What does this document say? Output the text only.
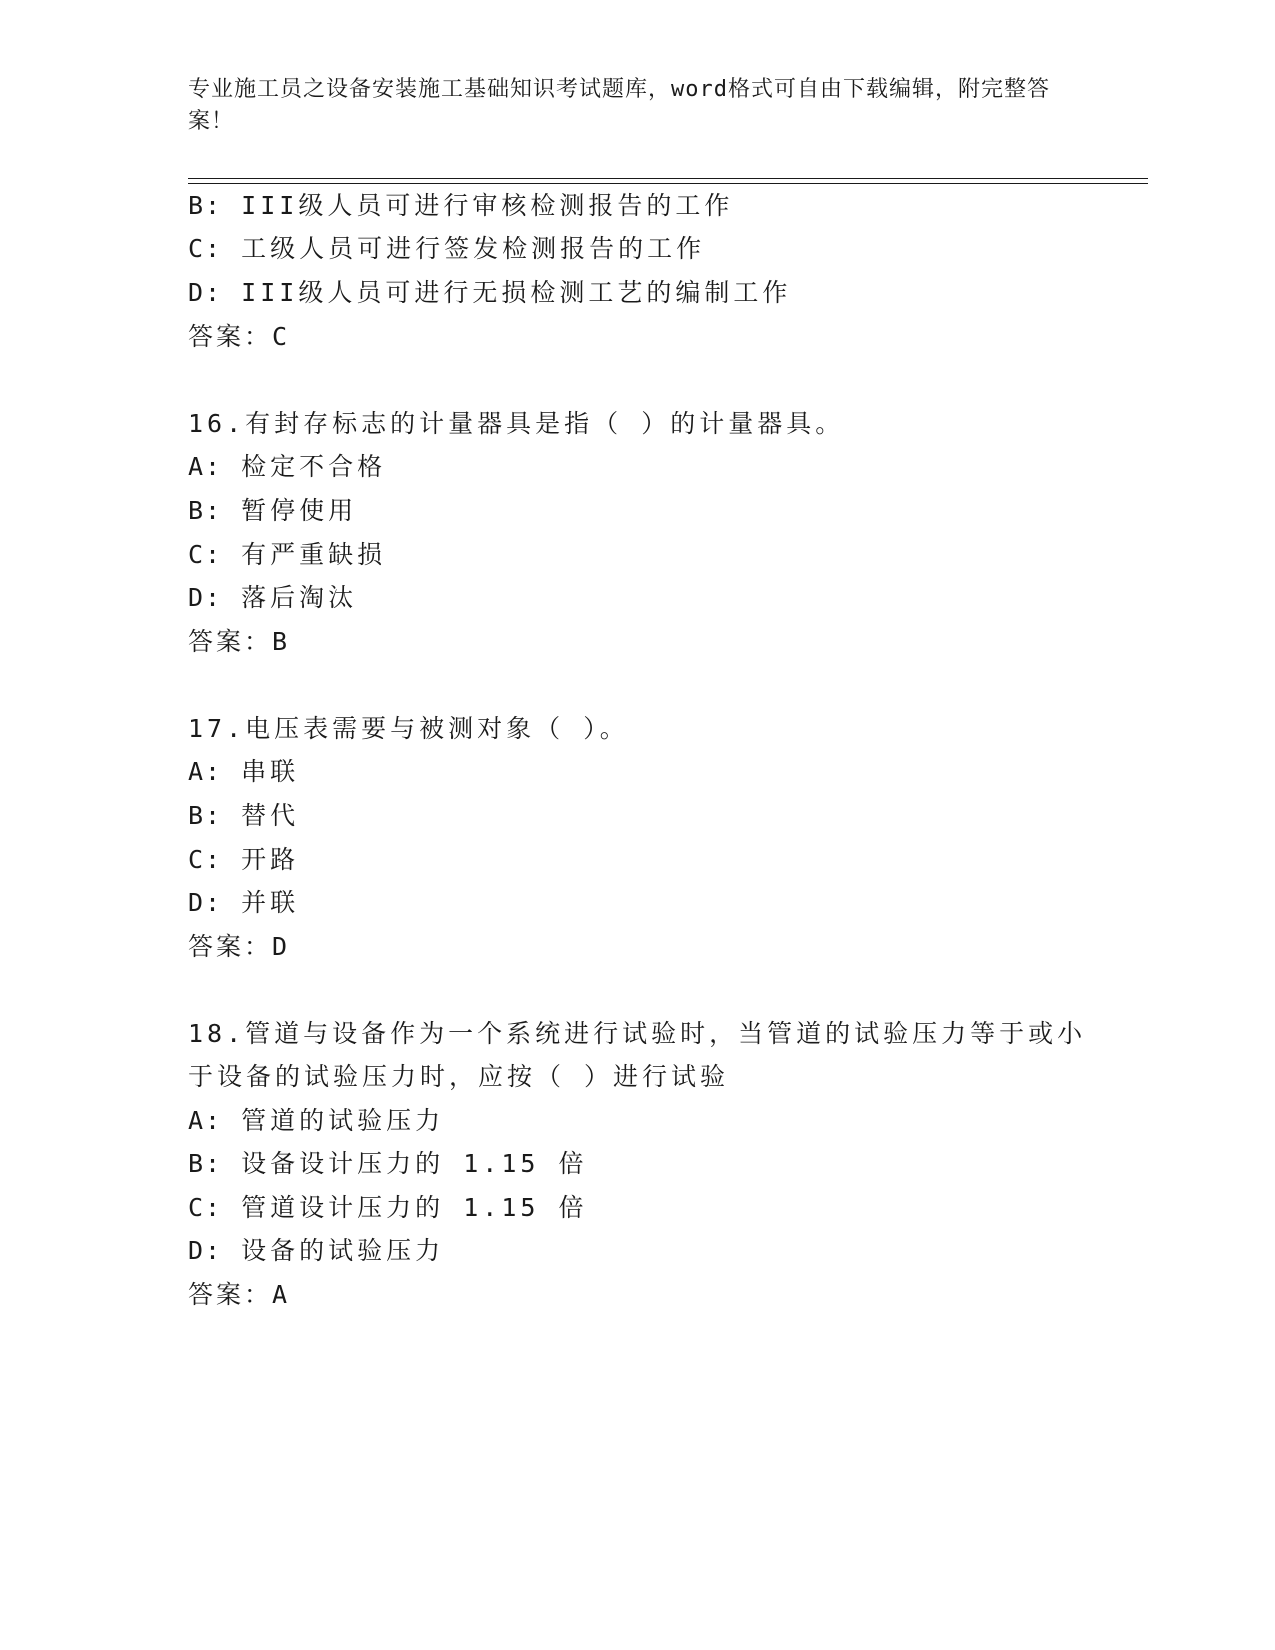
专业施工员之设备安装施工基础知识考试题库，word格式可自由下载编辑，附完整答案！
B: III级人员可进行审核检测报告的工作
C: 工级人员可进行签发检测报告的工作
D: III级人员可进行无损检测工艺的编制工作
答案：C
16.有封存标志的计量器具是指（ ）的计量器具。
A: 检定不合格
B: 暂停使用
C: 有严重缺损
D: 落后淘汰
答案：B
17.电压表需要与被测对象（ ）。
A: 串联
B: 替代
C: 开路
D: 并联
答案：D
18.管道与设备作为一个系统进行试验时，当管道的试验压力等于或小
于设备的试验压力时，应按（ ）进行试验
A: 管道的试验压力
B: 设备设计压力的 1.15 倍
C: 管道设计压力的 1.15 倍
D: 设备的试验压力
答案：A
